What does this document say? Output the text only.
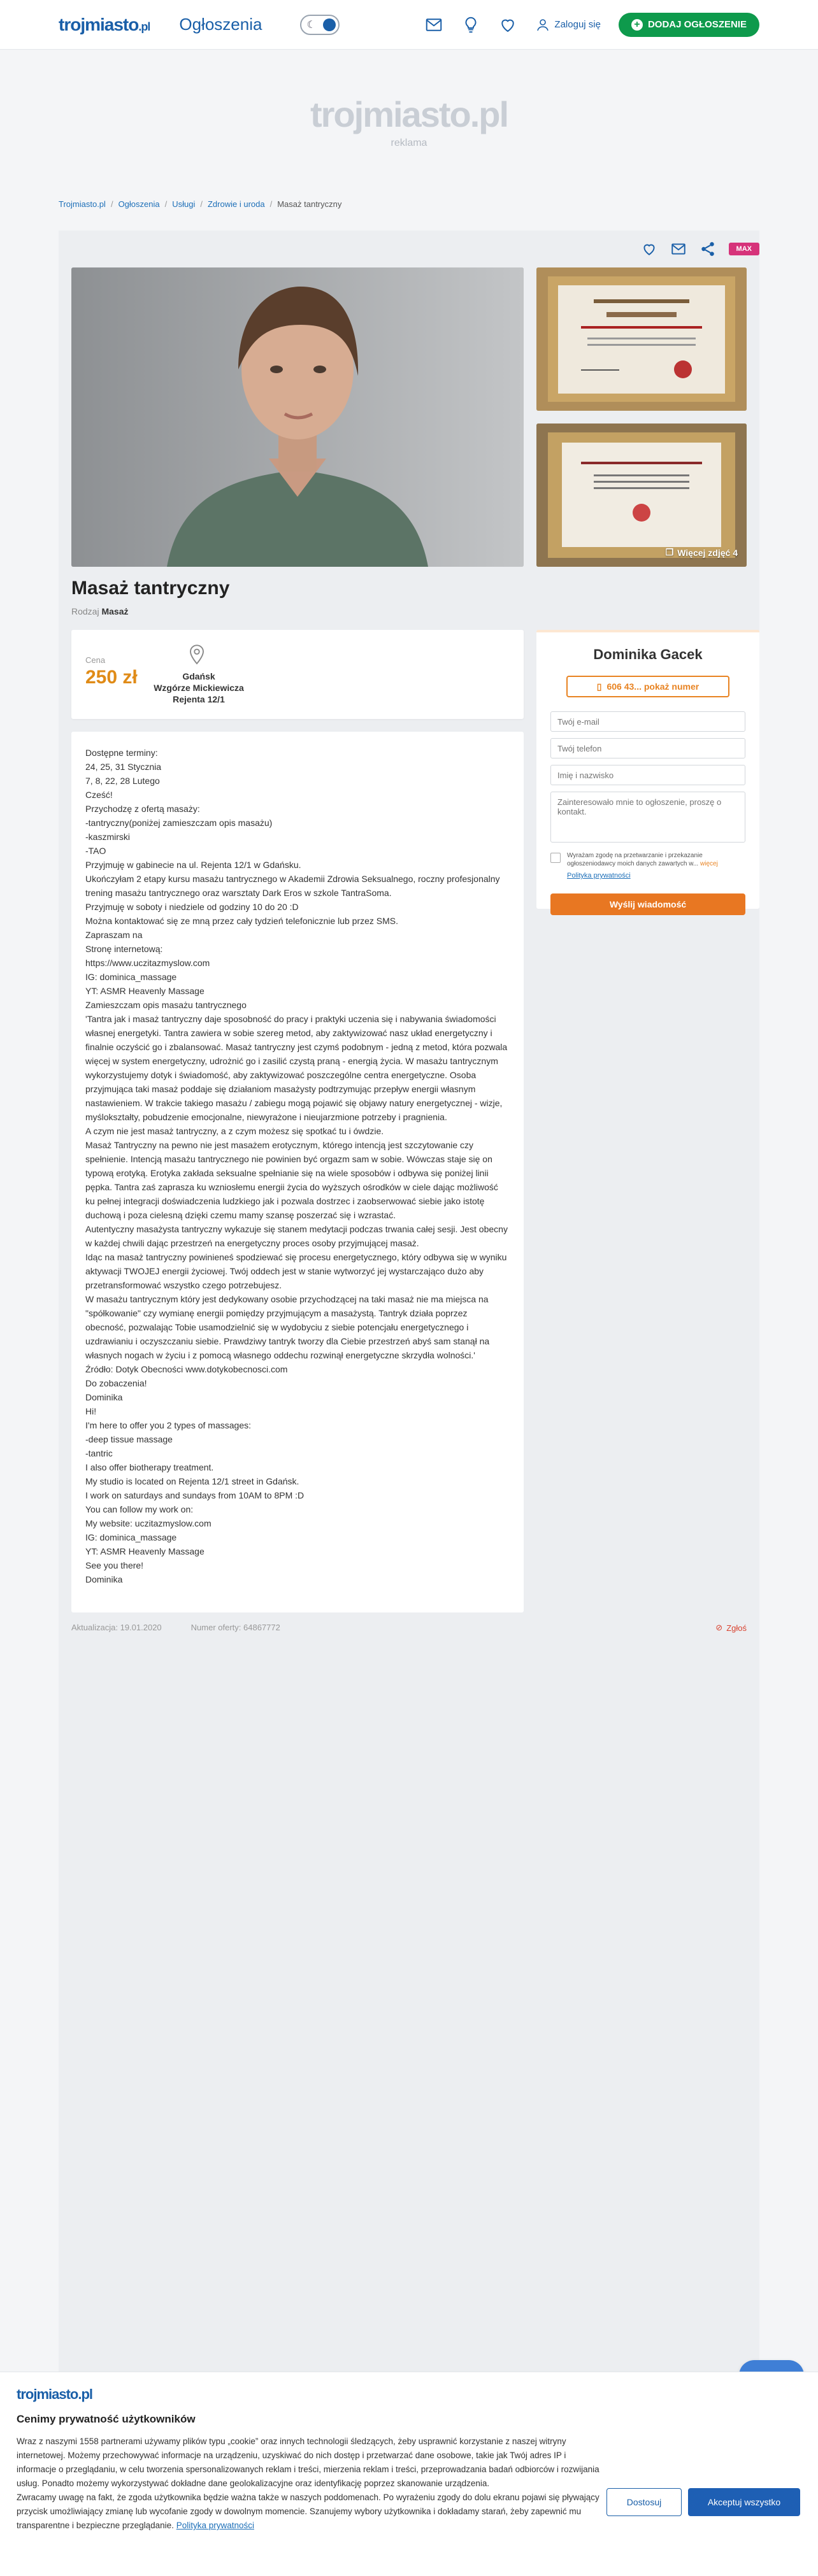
trojmiasto.pl Ogłoszenia	☾	Zaloguj się	+ DODAJ OGŁOSZENIE
trojmiasto.pl
reklama
Trojmiasto.pl / Ogłoszenia / Usługi / Zdrowie i uroda / Masaż tantryczny
MAX
❐ Więcej zdjęć 4
Masaż tantryczny
Rodzaj Masaż
Cena
250 zł	Gdańsk
Wzgórze Mickiewicza
Rejenta 12/1
Dominika Gacek
▯ 606 43... pokaż numer
Twój e-mail
Twój telefon
Imię i nazwisko
Zainteresowało mnie to ogłoszenie, proszę o kontakt.
Wyrażam zgodę na przetwarzanie i przekazanie ogłoszeniodawcy moich danych zawartych w... więcej
Polityka prywatności
Wyślij wiadomość

Dostępne terminy:

24, 25, 31 Stycznia

7, 8, 22, 28 Lutego

Cześć!

Przychodzę z ofertą masaży:

-tantryczny(poniżej zamieszczam opis masażu)

-kaszmirski

-TAO

Przyjmuję w gabinecie na ul. Rejenta 12/1 w Gdańsku.

Ukończyłam 2 etapy kursu masażu tantrycznego w Akademii Zdrowia Seksualnego, roczny profesjonalny trening masażu tantrycznego oraz warsztaty Dark Eros w szkole TantraSoma.

Przyjmuję w soboty i niedziele od godziny 10 do 20 :D

Można kontaktować się ze mną przez cały tydzień telefonicznie lub przez SMS.

Zapraszam na

Stronę internetową:

https://www.uczitazmyslow.com

IG: dominica_massage

YT: ASMR Heavenly Massage

Zamieszczam opis masażu tantrycznego

'Tantra jak i masaż tantryczny daje sposobność do pracy i praktyki uczenia się i nabywania świadomości własnej energetyki. Tantra zawiera w sobie szereg metod, aby zaktywizować nasz układ energetyczny i finalnie oczyścić go i zbalansować. Masaż tantryczny jest czymś podobnym - jedną z metod, która pozwala więcej w system energetyczny, udrożnić go i zasilić czystą praną - energią życia. W masażu tantrycznym wykorzystujemy dotyk i świadomość, aby zaktywizować poszczególne centra energetyczne. Osoba przyjmująca taki masaż poddaje się działaniom masażysty podtrzymując przepływ energii własnym nastawieniem. W trakcie takiego masażu / zabiegu mogą pojawić się objawy natury energetycznej - wizje, myślokształty, pobudzenie emocjonalne, niewyrażone i nieujarzmione potrzeby i pragnienia.

A czym nie jest masaż tantryczny, a z czym możesz się spotkać tu i ówdzie.

Masaż Tantryczny na pewno nie jest masażem erotycznym, którego intencją jest szczytowanie czy spełnienie. Intencją masażu tantrycznego nie powinien być orgazm sam w sobie. Wówczas staje się on typową erotyką. Erotyka zakłada seksualne spełnianie się na wiele sposobów i odbywa się poniżej linii pępka. Tantra zaś zaprasza ku wzniosłemu energii życia do wyższych ośrodków w ciele dając możliwość ku pełnej integracji doświadczenia ludzkiego jak i pozwala dostrzec i zaobserwować siebie jako istotę duchową i poza cielesną dzięki czemu mamy szansę poszerzać się i wzrastać.

Autentyczny masażysta tantryczny wykazuje się stanem medytacji podczas trwania całej sesji. Jest obecny w każdej chwili dając przestrzeń na energetyczny proces osoby przyjmującej masaż.

Idąc na masaż tantryczny powinieneś spodziewać się procesu energetycznego, który odbywa się w wyniku aktywacji TWOJEJ energii życiowej. Twój oddech jest w stanie wytworzyć jej wystarczająco dużo aby przetransformować wszystko czego potrzebujesz.

W masażu tantrycznym który jest dedykowany osobie przychodzącej na taki masaż nie ma miejsca na "spółkowanie" czy wymianę energii pomiędzy przyjmującym a masażystą. Tantryk działa poprzez obecność, pozwalając Tobie usamodzielnić się w wydobyciu z siebie potencjału energetycznego i uzdrawianiu i oczyszczaniu siebie. Prawdziwy tantryk tworzy dla Ciebie przestrzeń abyś sam stanął na własnych nogach w życiu i z pomocą własnego oddechu rozwinął energetyczne skrzydła wolności.'

Źródło: Dotyk Obecności www.dotykobecnosci.com

Do zobaczenia!

Dominika

Hi!

I'm here to offer you 2 types of massages:

-deep tissue massage

-tantric

I also offer biotherapy treatment.

My studio is located on Rejenta 12/1 street in Gdańsk.

I work on saturdays and sundays from 10AM to 8PM :D

You can follow my work on:

My website: uczitazmyslow.com

IG: dominica_massage

YT: ASMR Heavenly Massage

See you there!

Dominika

Aktualizacja: 19.01.2020	Numer oferty: 64867772	⊘ Zgłoś
trojmiasto.pl
Cenimy prywatność użytkowników

Wraz z naszymi 1558 partnerami używamy plików typu „cookie” oraz innych technologii śledzących, żeby usprawnić korzystanie z naszej witryny internetowej. Możemy przechowywać informacje na urządzeniu, uzyskiwać do nich dostęp i przetwarzać dane osobowe, takie jak Twój adres IP i informacje o przeglądaniu, w celu tworzenia spersonalizowanych reklam i treści, mierzenia reklam i treści, przeprowadzania badań odbiorców i rozwijania usług. Ponadto możemy wykorzystywać dokładne dane geolokalizacyjne oraz identyfikację poprzez skanowanie urządzenia.

Zwracamy uwagę na fakt, że zgoda użytkownika będzie ważna także w naszych poddomenach. Po wyrażeniu zgody do dolu ekranu pojawi się pływający przycisk umożliwiający zmianę lub wycofanie zgody w dowolnym momencie. Szanujemy wybory użytkownika i dokładamy starań, żeby zapewnić mu transparentne i bezpieczne przeglądanie. Polityka prywatności

Dostosuj	Akceptuj wszystko
